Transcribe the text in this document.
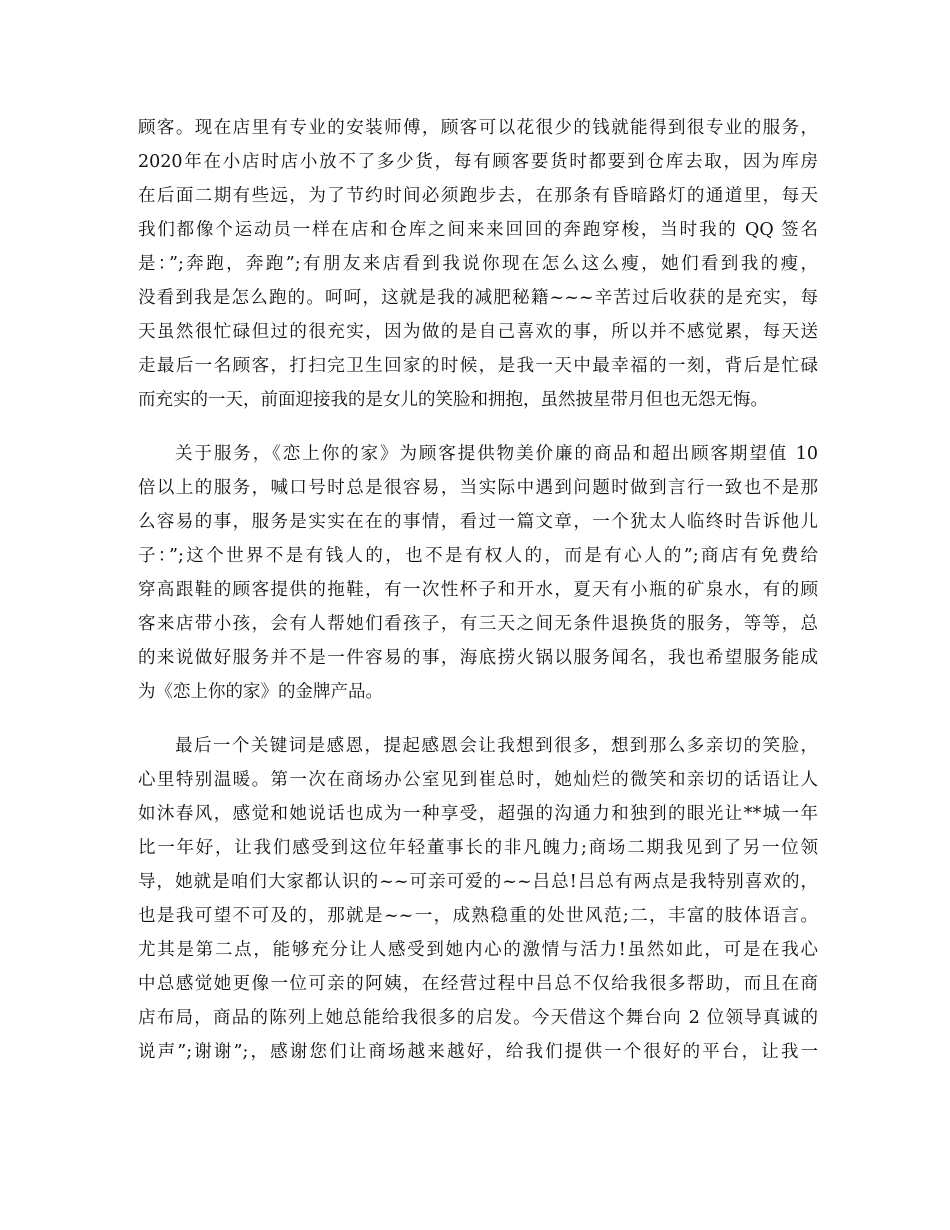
顾客。现在店里有专业的安装师傅，顾客可以花很少的钱就能得到很专业的服务，
2020年在小店时店小放不了多少货，每有顾客要货时都要到仓库去取，因为库房
在后面二期有些远，为了节约时间必须跑步去，在那条有昏暗路灯的通道里，每天
我们都像个运动员一样在店和仓库之间来来回回的奔跑穿梭，当时我的 QQ 签名
是：”;奔跑，奔跑”;有朋友来店看到我说你现在怎么这么瘦，她们看到我的瘦，
没看到我是怎么跑的。呵呵，这就是我的减肥秘籍~~~辛苦过后收获的是充实，每
天虽然很忙碌但过的很充实，因为做的是自己喜欢的事，所以并不感觉累，每天送
走最后一名顾客，打扫完卫生回家的时候，是我一天中最幸福的一刻，背后是忙碌
而充实的一天，前面迎接我的是女儿的笑脸和拥抱，虽然披星带月但也无怨无悔。
关于服务，《恋上你的家》为顾客提供物美价廉的商品和超出顾客期望值 10
倍以上的服务，喊口号时总是很容易，当实际中遇到问题时做到言行一致也不是那
么容易的事，服务是实实在在的事情，看过一篇文章，一个犹太人临终时告诉他儿
子：”;这个世界不是有钱人的，也不是有权人的，而是有心人的”;商店有免费给
穿高跟鞋的顾客提供的拖鞋，有一次性杯子和开水，夏天有小瓶的矿泉水，有的顾
客来店带小孩，会有人帮她们看孩子，有三天之间无条件退换货的服务，等等，总
的来说做好服务并不是一件容易的事，海底捞火锅以服务闻名，我也希望服务能成
为《恋上你的家》的金牌产品。
最后一个关键词是感恩，提起感恩会让我想到很多，想到那么多亲切的笑脸，
心里特别温暖。第一次在商场办公室见到崔总时，她灿烂的微笑和亲切的话语让人
如沐春风，感觉和她说话也成为一种享受，超强的沟通力和独到的眼光让**城一年
比一年好，让我们感受到这位年轻董事长的非凡魄力;商场二期我见到了另一位领
导，她就是咱们大家都认识的~~可亲可爱的~~吕总!吕总有两点是我特别喜欢的，
也是我可望不可及的，那就是~~一，成熟稳重的处世风范;二，丰富的肢体语言。
尤其是第二点，能够充分让人感受到她内心的激情与活力!虽然如此，可是在我心
中总感觉她更像一位可亲的阿姨，在经营过程中吕总不仅给我很多帮助，而且在商
店布局，商品的陈列上她总能给我很多的启发。今天借这个舞台向 2 位领导真诚的
说声”;谢谢”;，感谢您们让商场越来越好，给我们提供一个很好的平台，让我一
